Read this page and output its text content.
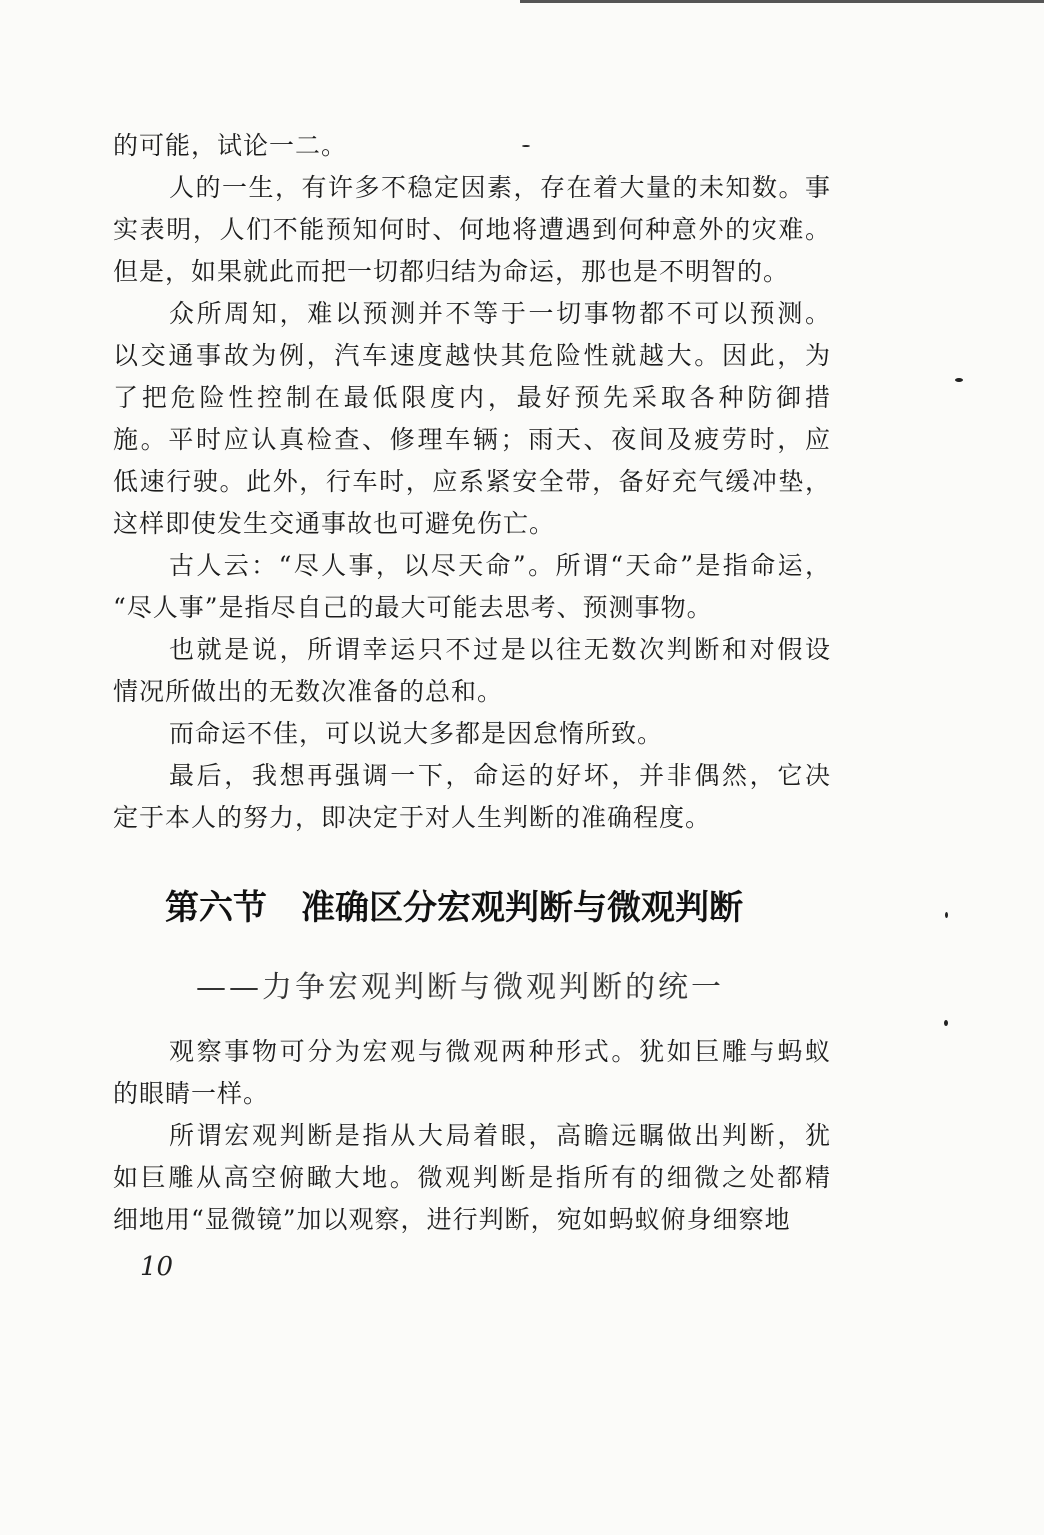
的可能，试论一二。
人的一生，有许多不稳定因素，存在着大量的未知数。事
实表明，人们不能预知何时、何地将遭遇到何种意外的灾难。
但是，如果就此而把一切都归结为命运，那也是不明智的。
众所周知，难以预测并不等于一切事物都不可以预测。
以交通事故为例，汽车速度越快其危险性就越大。因此，为
了把危险性控制在最低限度内，最好预先采取各种防御措
施。平时应认真检查、修理车辆；雨天、夜间及疲劳时，应
低速行驶。此外，行车时，应系紧安全带，备好充气缓冲垫，
这样即使发生交通事故也可避免伤亡。
古人云：“尽人事，以尽天命”。所谓“天命”是指命运，
“尽人事”是指尽自己的最大可能去思考、预测事物。
也就是说，所谓幸运只不过是以往无数次判断和对假设
情况所做出的无数次准备的总和。
而命运不佳，可以说大多都是因怠惰所致。
最后，我想再强调一下，命运的好坏，并非偶然，它决
定于本人的努力，即决定于对人生判断的准确程度。
第六节 准确区分宏观判断与微观判断
——力争宏观判断与微观判断的统一
观察事物可分为宏观与微观两种形式。犹如巨雕与蚂蚁
的眼睛一样。
所谓宏观判断是指从大局着眼，高瞻远瞩做出判断，犹
如巨雕从高空俯瞰大地。微观判断是指所有的细微之处都精
细地用“显微镜”加以观察，进行判断，宛如蚂蚁俯身细察地
10
